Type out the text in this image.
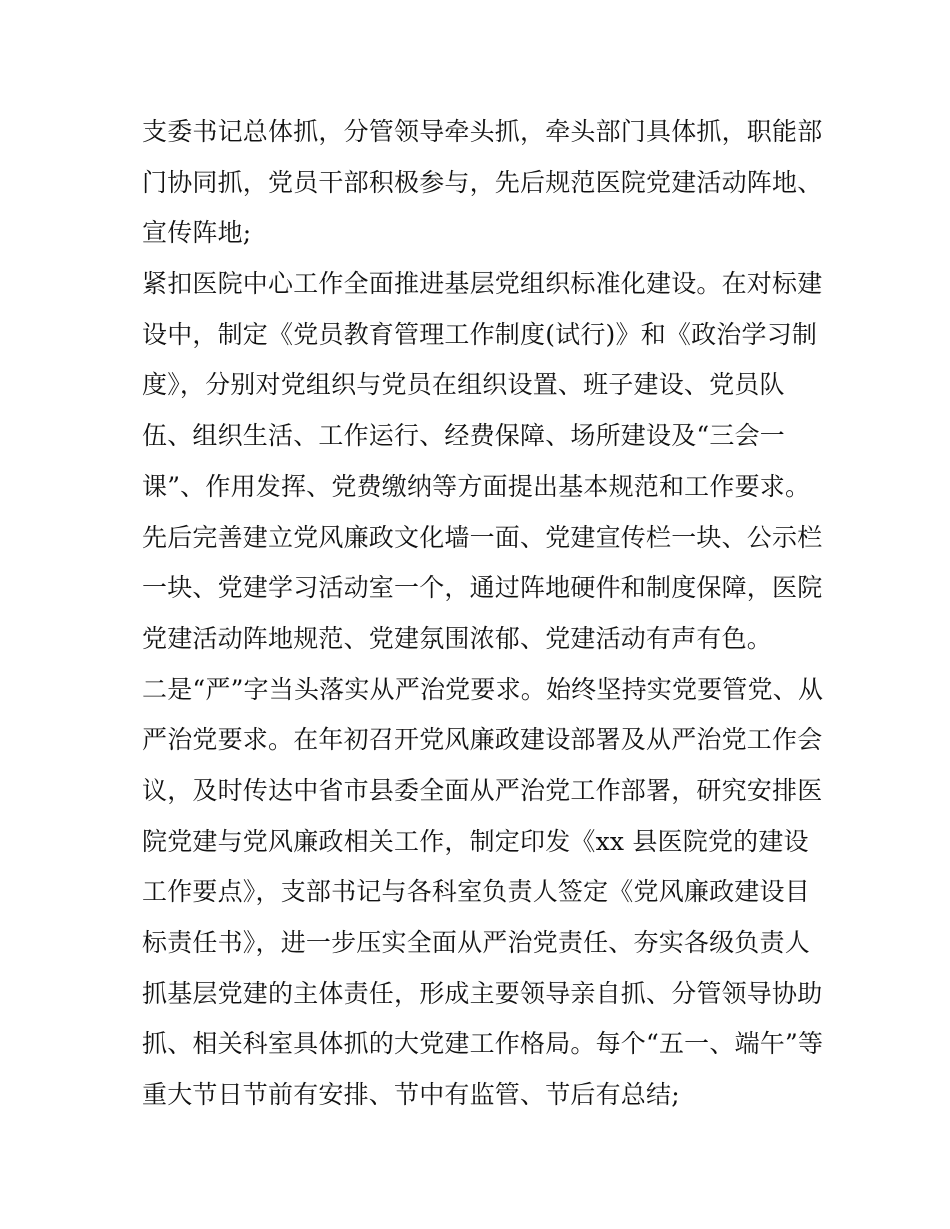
支委书记总体抓，分管领导牵头抓，牵头部门具体抓，职能部
门协同抓，党员干部积极参与，先后规范医院党建活动阵地、
宣传阵地;
紧扣医院中心工作全面推进基层党组织标准化建设。在对标建
设中，制定《党员教育管理工作制度(试行)》和《政治学习制
度》，分别对党组织与党员在组织设置、班子建设、党员队
伍、组织生活、工作运行、经费保障、场所建设及“三会一
课”、作用发挥、党费缴纳等方面提出基本规范和工作要求。
先后完善建立党风廉政文化墙一面、党建宣传栏一块、公示栏
一块、党建学习活动室一个，通过阵地硬件和制度保障，医院
党建活动阵地规范、党建氛围浓郁、党建活动有声有色。
二是“严”字当头落实从严治党要求。始终坚持实党要管党、从
严治党要求。在年初召开党风廉政建设部署及从严治党工作会
议，及时传达中省市县委全面从严治党工作部署，研究安排医
院党建与党风廉政相关工作，制定印发《xx 县医院党的建设
工作要点》，支部书记与各科室负责人签定《党风廉政建设目
标责任书》，进一步压实全面从严治党责任、夯实各级负责人
抓基层党建的主体责任，形成主要领导亲自抓、分管领导协助
抓、相关科室具体抓的大党建工作格局。每个“五一、端午”等
重大节日节前有安排、节中有监管、节后有总结;
